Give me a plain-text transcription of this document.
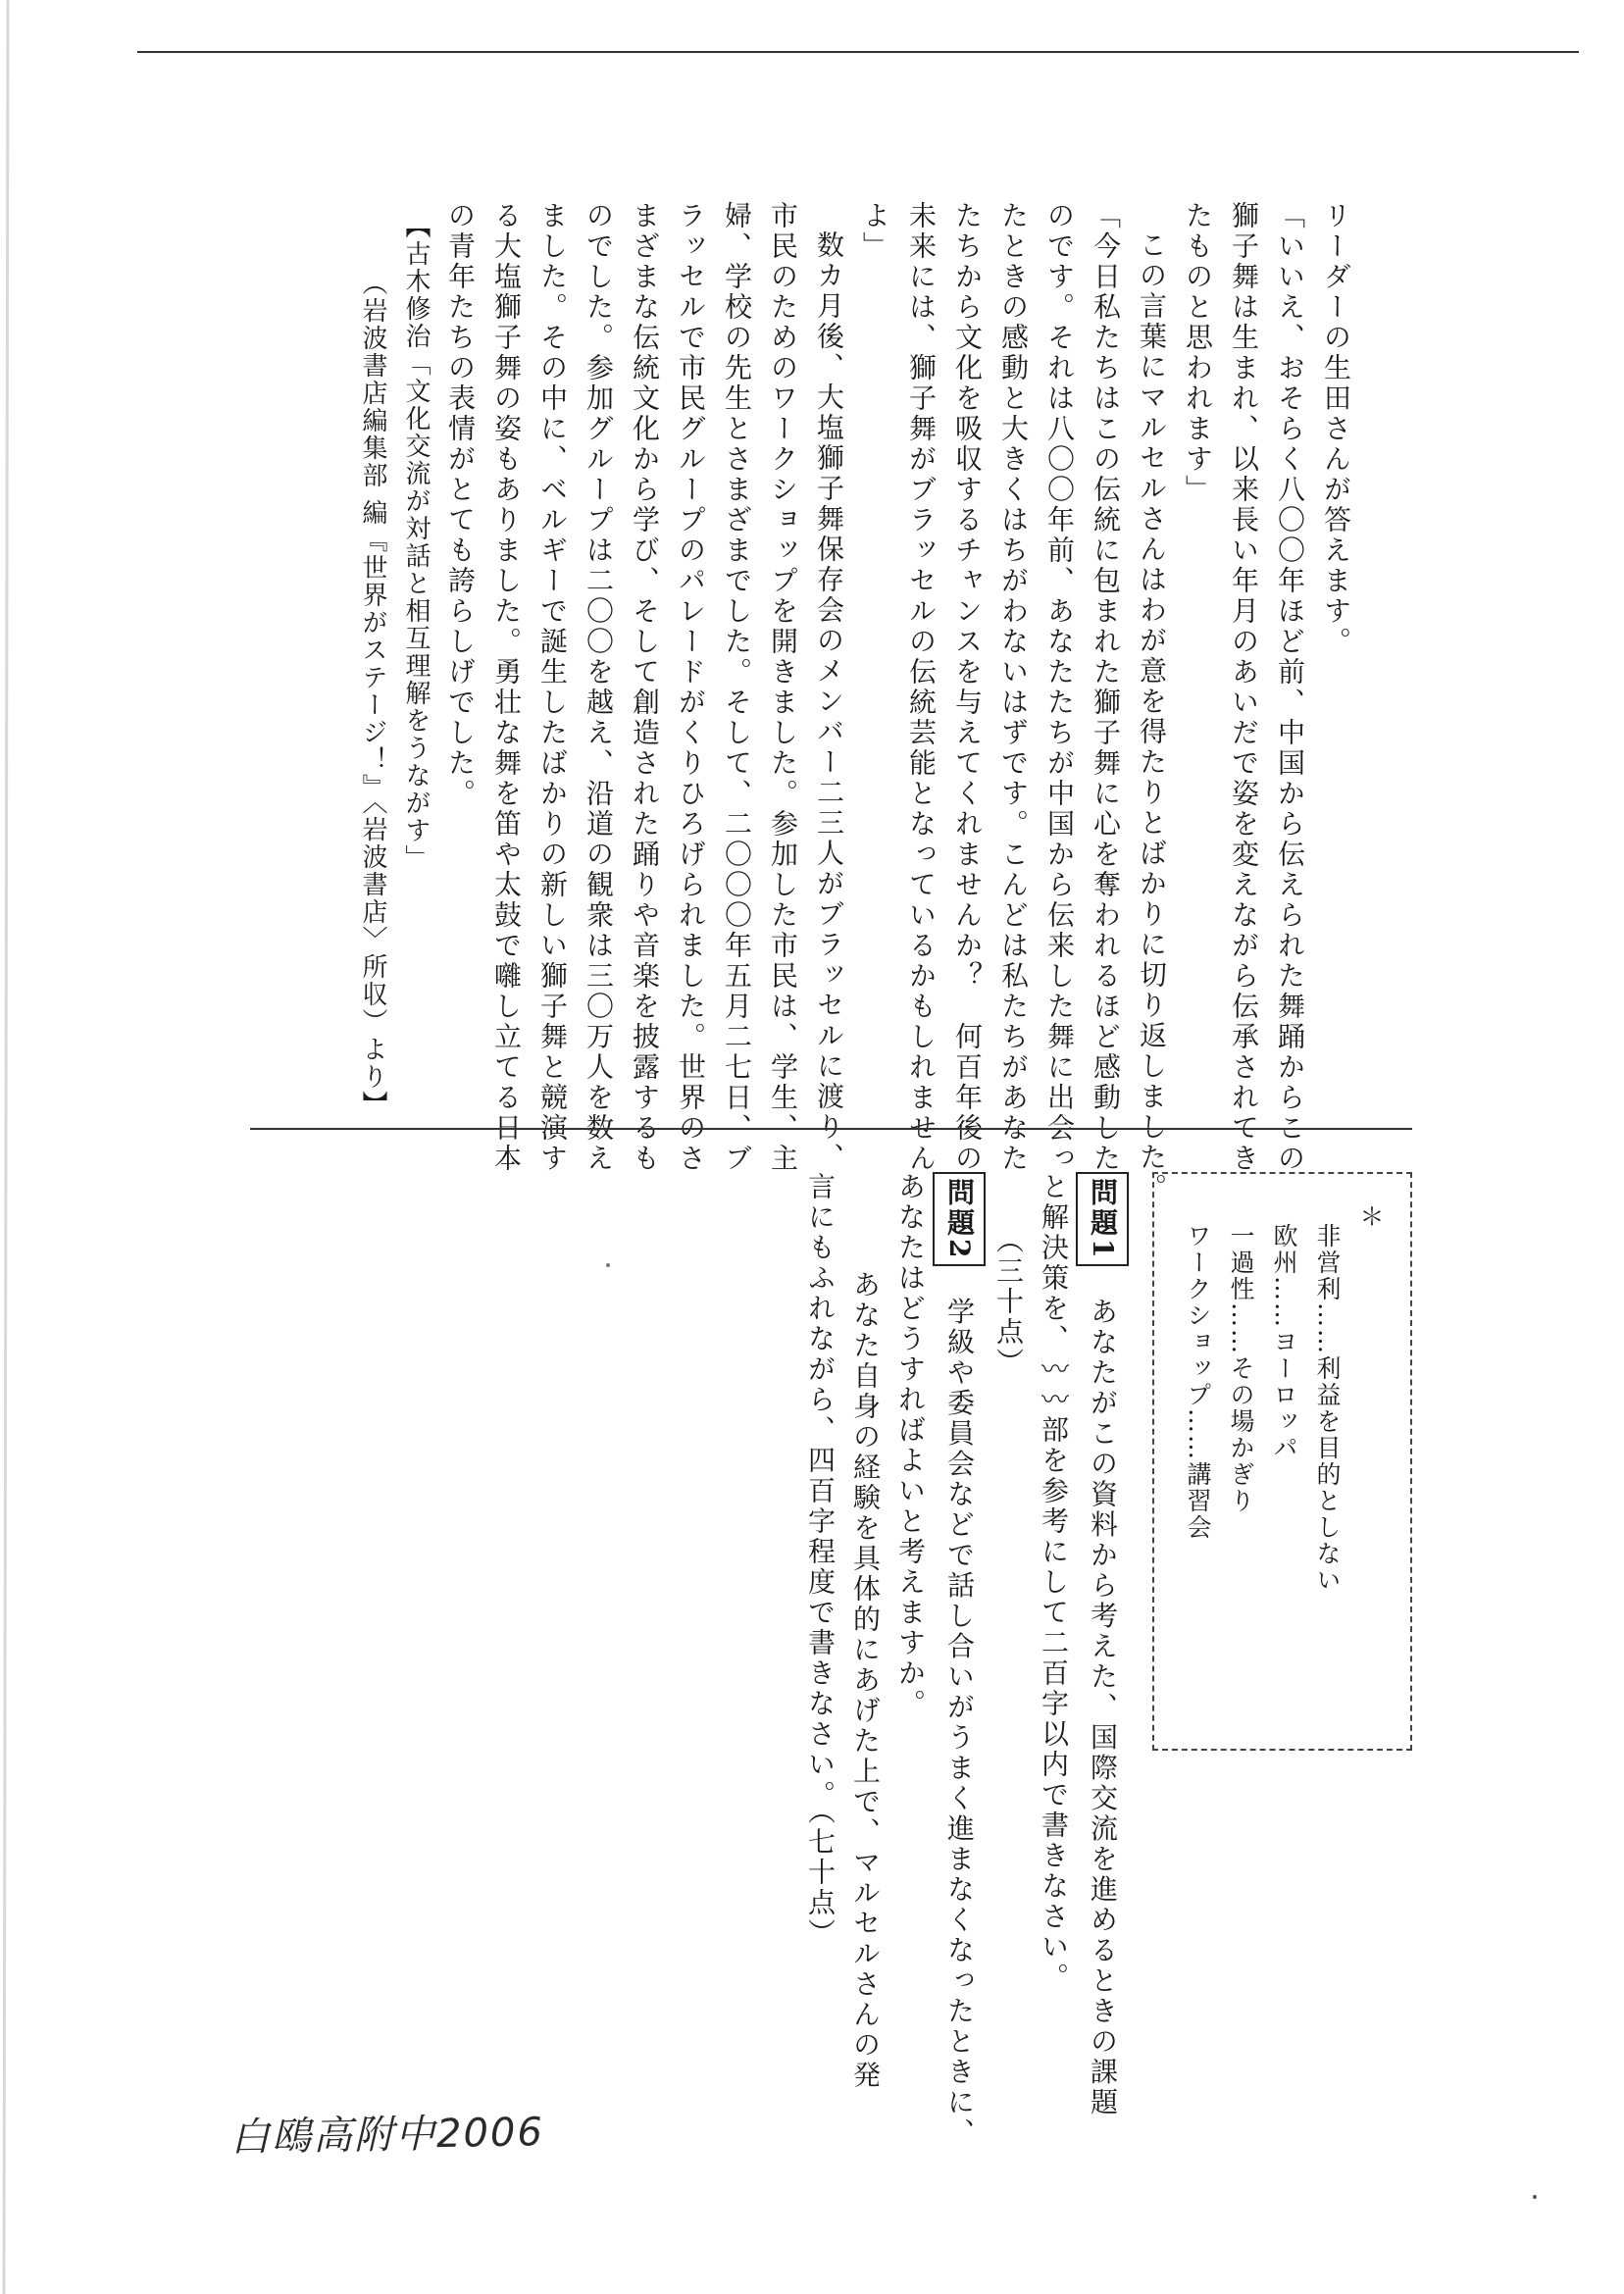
リーダーの生田さんが答えます。
「いいえ、おそらく八〇〇年ほど前、中国から伝えられた舞踊からこの
獅子舞は生まれ、以来長い年月のあいだで姿を変えながら伝承されてき
たものと思われます」
この言葉にマルセルさんはわが意を得たりとばかりに切り返しました。
「今日私たちはこの伝統に包まれた獅子舞に心を奪われるほど感動した
のです。それは八〇〇年前、あなたたちが中国から伝来した舞に出会っ
たときの感動と大きくはちがわないはずです。こんどは私たちがあなた
たちから文化を吸収するチャンスを与えてくれませんか？　何百年後の
未来には、獅子舞がブラッセルの伝統芸能となっているかもしれません
よ」
数カ月後、大塩獅子舞保存会のメンバー二三人がブラッセルに渡り、
市民のためのワークショップを開きました。参加した市民は、学生、主
婦、学校の先生とさまざまでした。そして、二〇〇〇年五月二七日、ブ
ラッセルで市民グループのパレードがくりひろげられました。世界のさ
まざまな伝統文化から学び、そして創造された踊りや音楽を披露するも
のでした。参加グループは二〇〇を越え、沿道の観衆は三〇万人を数え
ました。その中に、ベルギーで誕生したばかりの新しい獅子舞と競演す
る大塩獅子舞の姿もありました。勇壮な舞を笛や太鼓で囃し立てる日本
の青年たちの表情がとても誇らしげでした。
【古木修治「文化交流が対話と相互理解をうながす」
（岩波書店編集部 編『世界がステージ！』〈岩波書店〉所収）より】
＊
非営利……利益を目的としない
欧州……ヨーロッパ
一過性……その場かぎり
ワークショップ……講習会
問題1　あなたがこの資料から考えた、国際交流を進めるときの課題
と解決策を、〰〰部を参考にして二百字以内で書きなさい。
（三十点）
問題2　学級や委員会などで話し合いがうまく進まなくなったときに、
あなたはどうすればよいと考えますか。
あなた自身の経験を具体的にあげた上で、マルセルさんの発
言にもふれながら、四百字程度で書きなさい。（七十点）
白鴎高附中2006
